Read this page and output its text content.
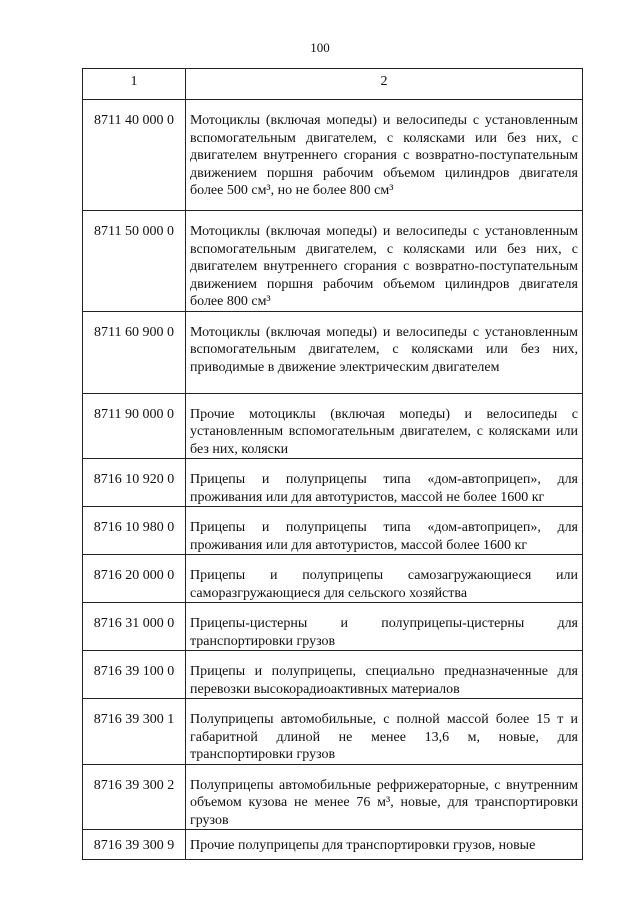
100
1	2
8711 40 000 0	Мотоциклы (включая мопеды) и велосипеды с установленным вспомогательным двигателем, с колясками или без них, с двигателем внутреннего сгорания с возвратно-поступательным движением поршня рабочим объемом цилиндров двигателя более 500 см³, но не более 800 см³
8711 50 000 0	Мотоциклы (включая мопеды) и велосипеды с установленным вспомогательным двигателем, с колясками или без них, с двигателем внутреннего сгорания с возвратно-поступательным движением поршня рабочим объемом цилиндров двигателя более 800 см³
8711 60 900 0	Мотоциклы (включая мопеды) и велосипеды с установленным вспомогательным двигателем, с колясками или без них, приводимые в движение электрическим двигателем
8711 90 000 0	Прочие мотоциклы (включая мопеды) и велосипеды с установленным вспомогательным двигателем, с колясками или без них, коляски
8716 10 920 0	Прицепы и полуприцепы типа «дом-автоприцеп», для проживания или для автотуристов, массой не более 1600 кг
8716 10 980 0	Прицепы и полуприцепы типа «дом-автоприцеп», для проживания или для автотуристов, массой более 1600 кг
8716 20 000 0	Прицепы и полуприцепы самозагружающиеся или саморазгружающиеся для сельского хозяйства
8716 31 000 0	Прицепы-цистерны и полуприцепы-цистерны для транспортировки грузов
8716 39 100 0	Прицепы и полуприцепы, специально предназначенные для перевозки высокорадиоактивных материалов
8716 39 300 1	Полуприцепы автомобильные, с полной массой более 15 т и габаритной длиной не менее 13,6 м, новые, для транспортировки грузов
8716 39 300 2	Полуприцепы автомобильные рефрижераторные, с внутренним объемом кузова не менее 76 м³, новые, для транспортировки грузов
8716 39 300 9	Прочие полуприцепы для транспортировки грузов, новые
